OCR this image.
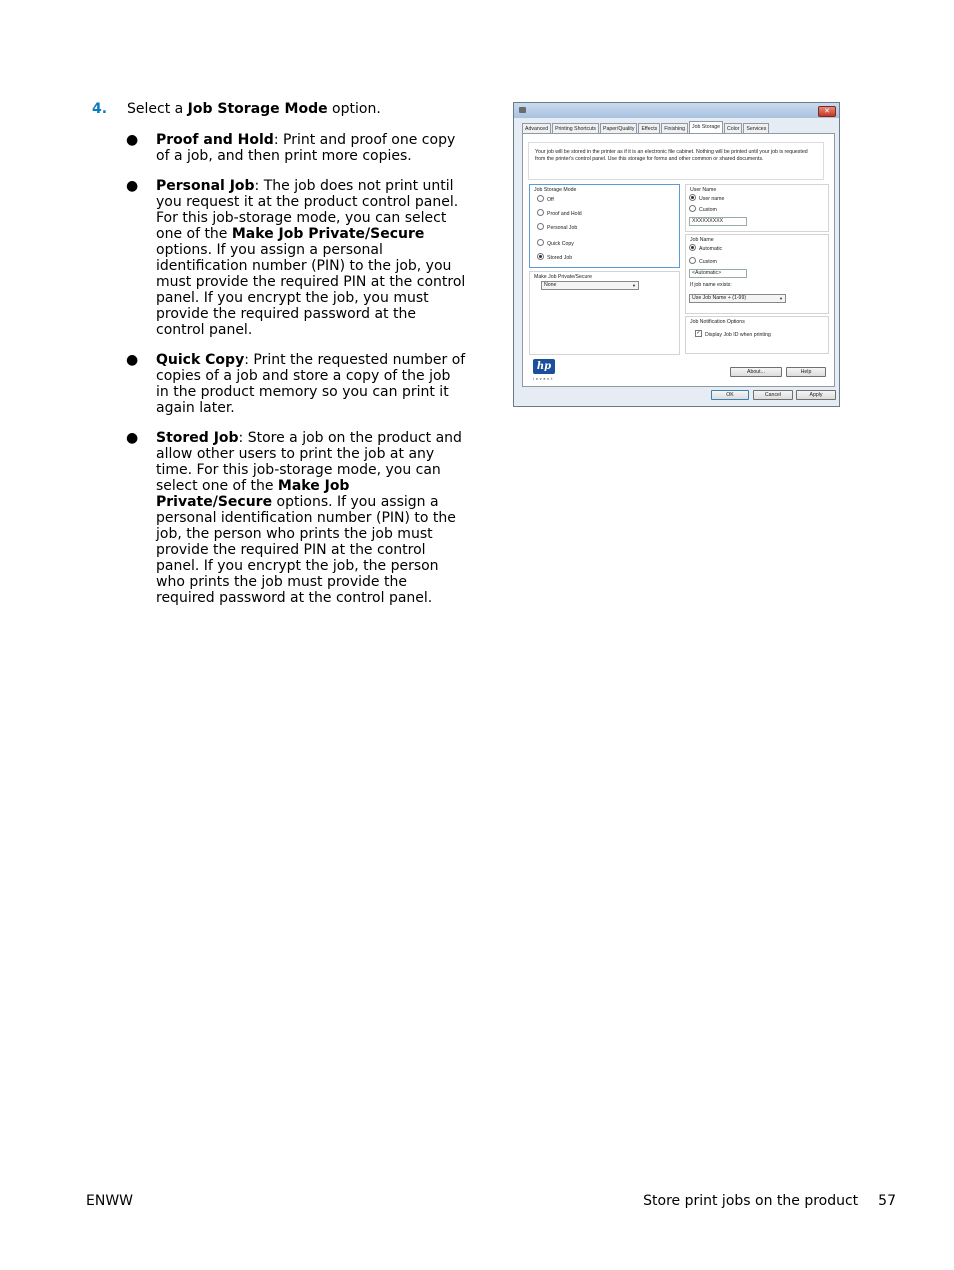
4. Select a Job Storage Mode option.
● Proof and Hold: Print and proof one copy of a job, and then print more copies.
● Personal Job: The job does not print until you request it at the product control panel. For this job-storage mode, you can select one of the Make Job Private/Secure options. If you assign a personal identification number (PIN) to the job, you must provide the required PIN at the control panel. If you encrypt the job, you must provide the required password at the control panel.
● Quick Copy: Print the requested number of copies of a job and store a copy of the job in the product memory so you can print it again later.
● Stored Job: Store a job on the product and allow other users to print the job at any time. For this job-storage mode, you can select one of the Make Job Private/Secure options. If you assign a personal identification number (PIN) to the job, the person who prints the job must provide the required PIN at the control panel. If you encrypt the job, the person who prints the job must provide the required password at the control panel.
✕
Advanced	Printing Shortcuts	Paper/Quality	Effects	Finishing	Job Storage	Color	Services
Your job will be stored in the printer as if it is an electronic file cabinet. Nothing will be printed until your job is requested from the printer's control panel. Use this storage for forms and other common or shared documents.
Job Storage Mode
Off
Proof and Hold
Personal Job
Quick Copy
Stored Job
Make Job Private/Secure
None	▼
User Name
User name
Custom
XXXXXXXXX
Job Name
Automatic
Custom
<Automatic>
If job name exists:
Use Job Name + (1-99)	▼
Job Notification Options
✓ Display Job ID when printing
hp
invent
About...	Help
OK	Cancel	Apply
ENWW	Store print jobs on the product 57
